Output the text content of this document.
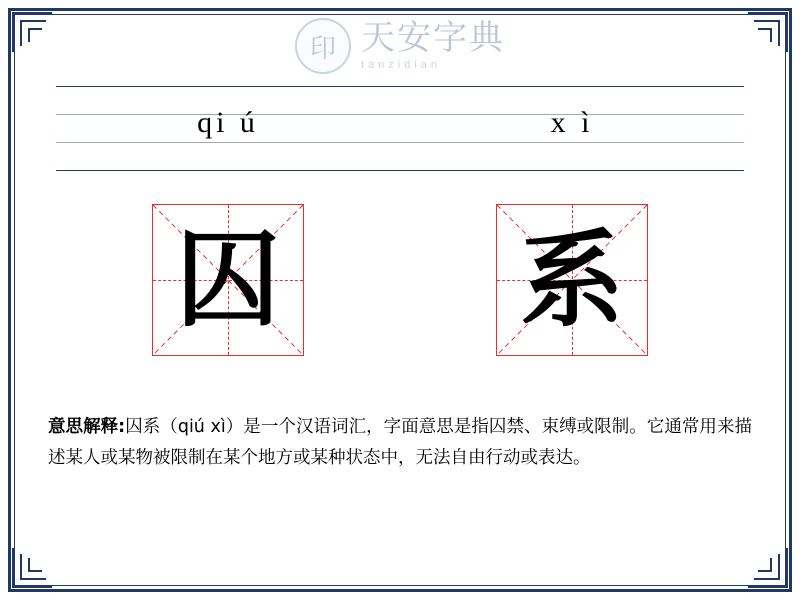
印 天安字典
tanzidian
qi ú	x ì
囚 系
意思解释:囚系（qiú xì）是一个汉语词汇，字面意思是指囚禁、束缚或限制。它通常用来描述某人或某物被限制在某个地方或某种状态中，无法自由行动或表达。
